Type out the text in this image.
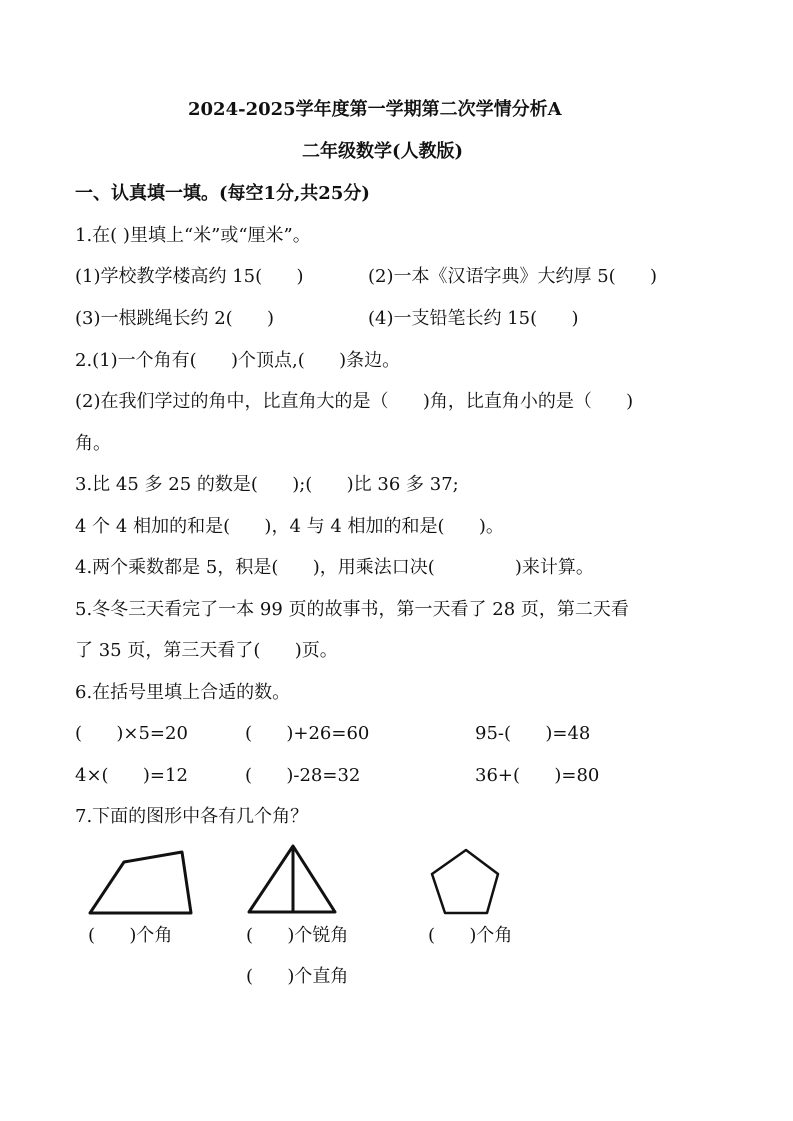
2024-2025学年度第一学期第二次学情分析A
二年级数学(人教版)
一、认真填一填。(每空1分,共25分)
1.在( )里填上“米”或“厘米”。
(1)学校教学楼高约 15(      )	(2)一本《汉语字典》大约厚 5(      )
(3)一根跳绳长约 2(      )	(4)一支铅笔长约 15(      )
2.(1)一个角有(      )个顶点,(      )条边。
(2)在我们学过的角中，比直角大的是（      )角，比直角小的是（      )
角。
3.比 45 多 25 的数是(      );(      )比 36 多 37;
4 个 4 相加的和是(      )，4 与 4 相加的和是(      )。
4.两个乘数都是 5，积是(      )，用乘法口决(              )来计算。
5.冬冬三天看完了一本 99 页的故事书，第一天看了 28 页，第二天看
了 35 页，第三天看了(      )页。
6.在括号里填上合适的数。
(      )×5=20	(      )+26=60	95-(      )=48
4×(      )=12	(      )-28=32	36+(      )=80
7.下面的图形中各有几个角？
(      )个角	(      )个锐角	(      )个角
(      )个直角
